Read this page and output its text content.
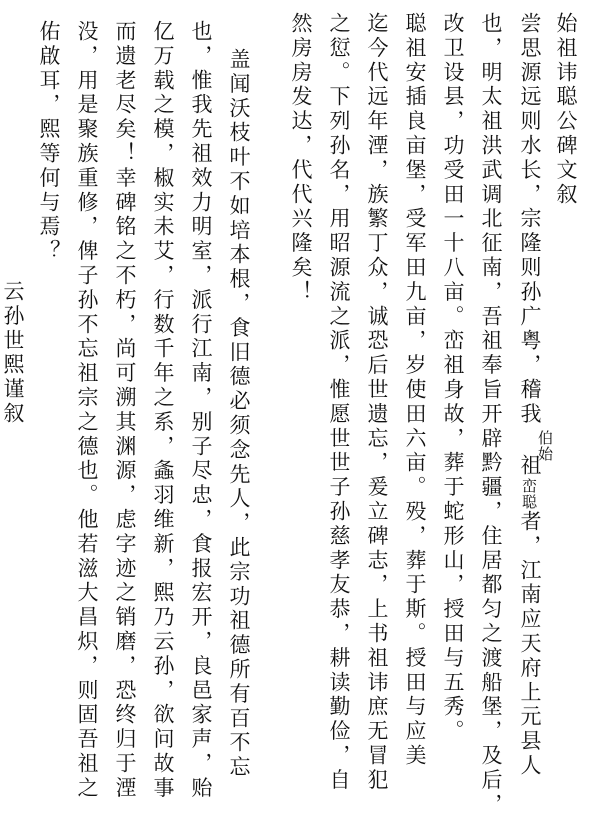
始祖讳聪公碑文叙
尝思源远则水长，宗隆则孙广粤，稽我
伯始
峦聪
祖
者，江南应天府上元县人
也，明太祖洪武调北征南，吾祖奉旨开辟黔疆，住居都匀之渡船堡，及后，
改卫设县，功受田一十八亩。峦祖身故，葬于蛇形山，授田与五秀。
聪祖安插良亩堡，受军田九亩，岁使田六亩。殁，葬于斯。授田与应美
迄今代远年湮，族繁丁众，诚恐后世遗忘，爰立碑志，上书祖讳庶无冒犯
之愆。下列孙名，用昭源流之派，惟愿世世子孙慈孝友恭，耕读勤俭，自
然房房发达，代代兴隆矣！
盖闻沃枝叶不如培本根，食旧德必须念先人，此宗功祖德所有百不忘
也，惟我先祖效力明室，派行江南，别子尽忠，食报宏开，良邑家声，贻
亿万载之模，椒实未艾，行数千年之系，螽羽维新，熙乃云孙，欲问故事
而遗老尽矣！幸碑铭之不朽，尚可溯其渊源，虑字迹之销磨，恐终归于湮
没，用是聚族重修，俾子孙不忘祖宗之德也。他若滋大昌炽，则固吾祖之
佑啟耳，熙等何与焉？
云孙世熙谨叙
